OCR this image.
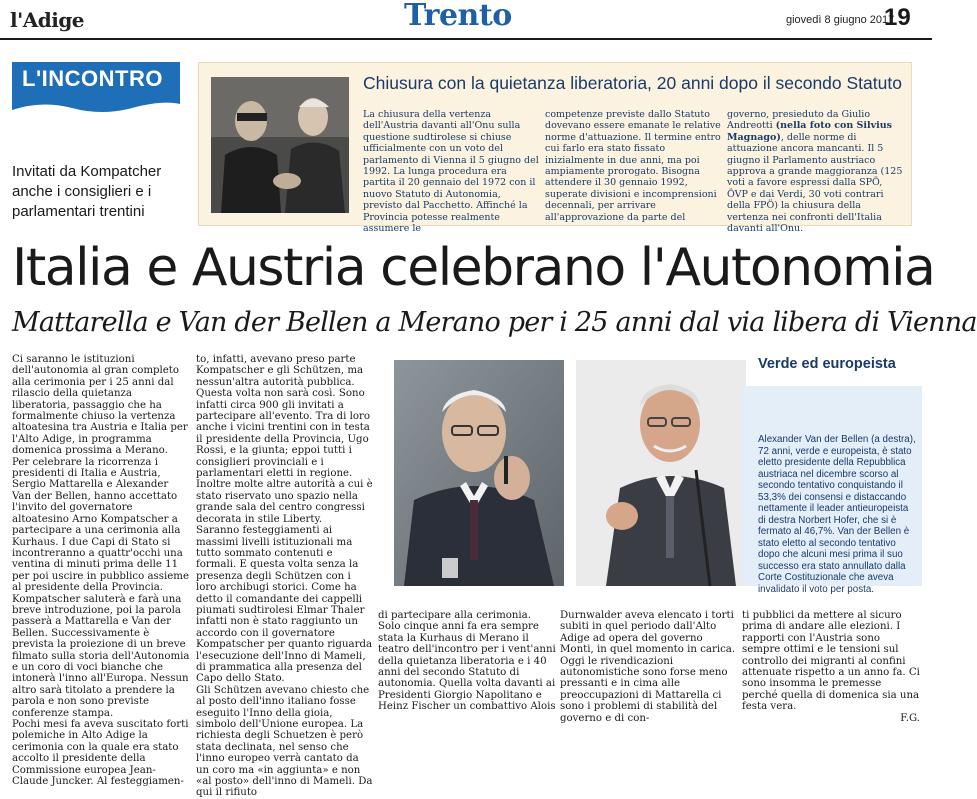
l'Adige	Trento	giovedì 8 giugno 2017
19
L'INCONTRO
Invitati da Kompatcher anche i consiglieri e i parlamentari trentini
Chiusura con la quietanza liberatoria, 20 anni dopo il secondo Statuto
La chiusura della vertenza dell'Austria davanti all'Onu sulla questione sudtirolese si chiuse ufficialmente con un voto del parlamento di Vienna il 5 giugno del 1992. La lunga procedura era partita il 20 gennaio del 1972 con il nuovo Statuto di Autonomia, previsto dal Pacchetto. Affinché la Provincia potesse realmente assumere le
competenze previste dallo Statuto dovevano essere emanate le relative norme d'attuazione. Il termine entro cui farlo era stato fissato inizialmente in due anni, ma poi ampiamente prorogato. Bisogna attendere il 30 gennaio 1992, superate divisioni e incomprensioni decennali, per arrivare all'approvazione da parte del
governo, presieduto da Giulio Andreotti (nella foto con Silvius Magnago), delle norme di attuazione ancora mancanti. Il 5 giugno il Parlamento austriaco approva a grande maggioranza (125 voti a favore espressi dalla SPÖ, ÖVP e dai Verdi, 30 voti contrari della FPÖ) la chiusura della vertenza nei confronti dell'Italia davanti all'Onu.
Italia e Austria celebrano l'Autonomia
Mattarella e Van der Bellen a Merano per i 25 anni dal via libera di Vienna

Ci saranno le istituzioni dell'autonomia al gran completo alla cerimonia per i 25 anni dal rilascio della quietanza liberatoria, passaggio che ha formalmente chiuso la vertenza altoatesina tra Austria e Italia per l'Alto Adige, in programma domenica prossima a Merano.

Per celebrare la ricorrenza i presidenti di Italia e Austria, Sergio Mattarella e Alexander Van der Bellen, hanno accettato l'invito del governatore altoatesino Arno Kompatscher a partecipare a una cerimonia alla Kurhaus. I due Capi di Stato si incontreranno a quattr'occhi una ventina di minuti prima delle 11 per poi uscire in pubblico assieme al presidente della Provincia. Kompatscher saluterà e farà una breve introduzione, poi la parola passerà a Mattarella e Van der Bellen. Successivamente è prevista la proiezione di un breve filmato sulla storia dell'Autonomia e un coro di voci bianche che intonerà l'inno all'Europa. Nessun altro sarà titolato a prendere la parola e non sono previste conferenze stampa.

Pochi mesi fa aveva suscitato forti polemiche in Alto Adige la cerimonia con la quale era stato accolto il presidente della Commissione europea Jean-Claude Juncker. Al festeggiamen-

to, infatti, avevano preso parte Kompatscher e gli Schützen, ma nessun'altra autorità pubblica. Questa volta non sarà così. Sono infatti circa 900 gli invitati a partecipare all'evento. Tra di loro anche i vicini trentini con in testa il presidente della Provincia, Ugo Rossi, e la giunta; eppoi tutti i consiglieri provinciali e i parlamentari eletti in regione. Inoltre molte altre autorità a cui è stato riservato uno spazio nella grande sala del centro congressi decorata in stile Liberty.

Saranno festeggiamenti ai massimi livelli istituzionali ma tutto sommato contenuti e formali. E questa volta senza la presenza degli Schützen con i loro archibugi storici. Come ha detto il comandante dei cappelli piumati sudtirolesi Elmar Thaler infatti non è stato raggiunto un accordo con il governatore Kompatscher per quanto riguarda l'esecuzione dell'Inno di Mameli, di prammatica alla presenza del Capo dello Stato.

Gli Schützen avevano chiesto che al posto dell'inno italiano fosse eseguito l'Inno della gioia, simbolo dell'Unione europea. La richiesta degli Schuetzen è però stata declinata, nel senso che l'inno europeo verrà cantato da un coro ma «in aggiunta» e non «al posto» dell'inno di Mameli. Da qui il rifiuto

di partecipare alla cerimonia.

Solo cinque anni fa era sempre stata la Kurhaus di Merano il teatro dell'incontro per i vent'anni della quietanza liberatoria e i 40 anni del secondo Statuto di autonomia. Quella volta davanti ai Presidenti Giorgio Napolitano e Heinz Fischer un combattivo Alois

Durnwalder aveva elencato i torti subiti in quel periodo dall'Alto Adige ad opera del governo Monti, in quel momento in carica. Oggi le rivendicazioni autonomistiche sono forse meno pressanti e in cima alle preoccupazioni di Mattarella ci sono i problemi di stabilità del governo e di con-

ti pubblici da mettere al sicuro prima di andare alle elezioni. I rapporti con l'Austria sono sempre ottimi e le tensioni sul controllo dei migranti al confini attenuate rispetto a un anno fa. Ci sono insomma le premesse perché quella di domenica sia una festa vera.

F.G.
Verde ed europeista
Alexander Van der Bellen (a destra), 72 anni, verde e europeista, è stato eletto presidente della Repubblica austriaca nel dicembre scorso al secondo tentativo conquistando il 53,3% dei consensi e distaccando nettamente il leader antieuropeista di destra Norbert Hofer, che si è fermato al 46,7%. Van der Bellen è stato eletto al secondo tentativo dopo che alcuni mesi prima il suo successo era stato annullato dalla Corte Costituzionale che aveva invalidato il voto per posta.
